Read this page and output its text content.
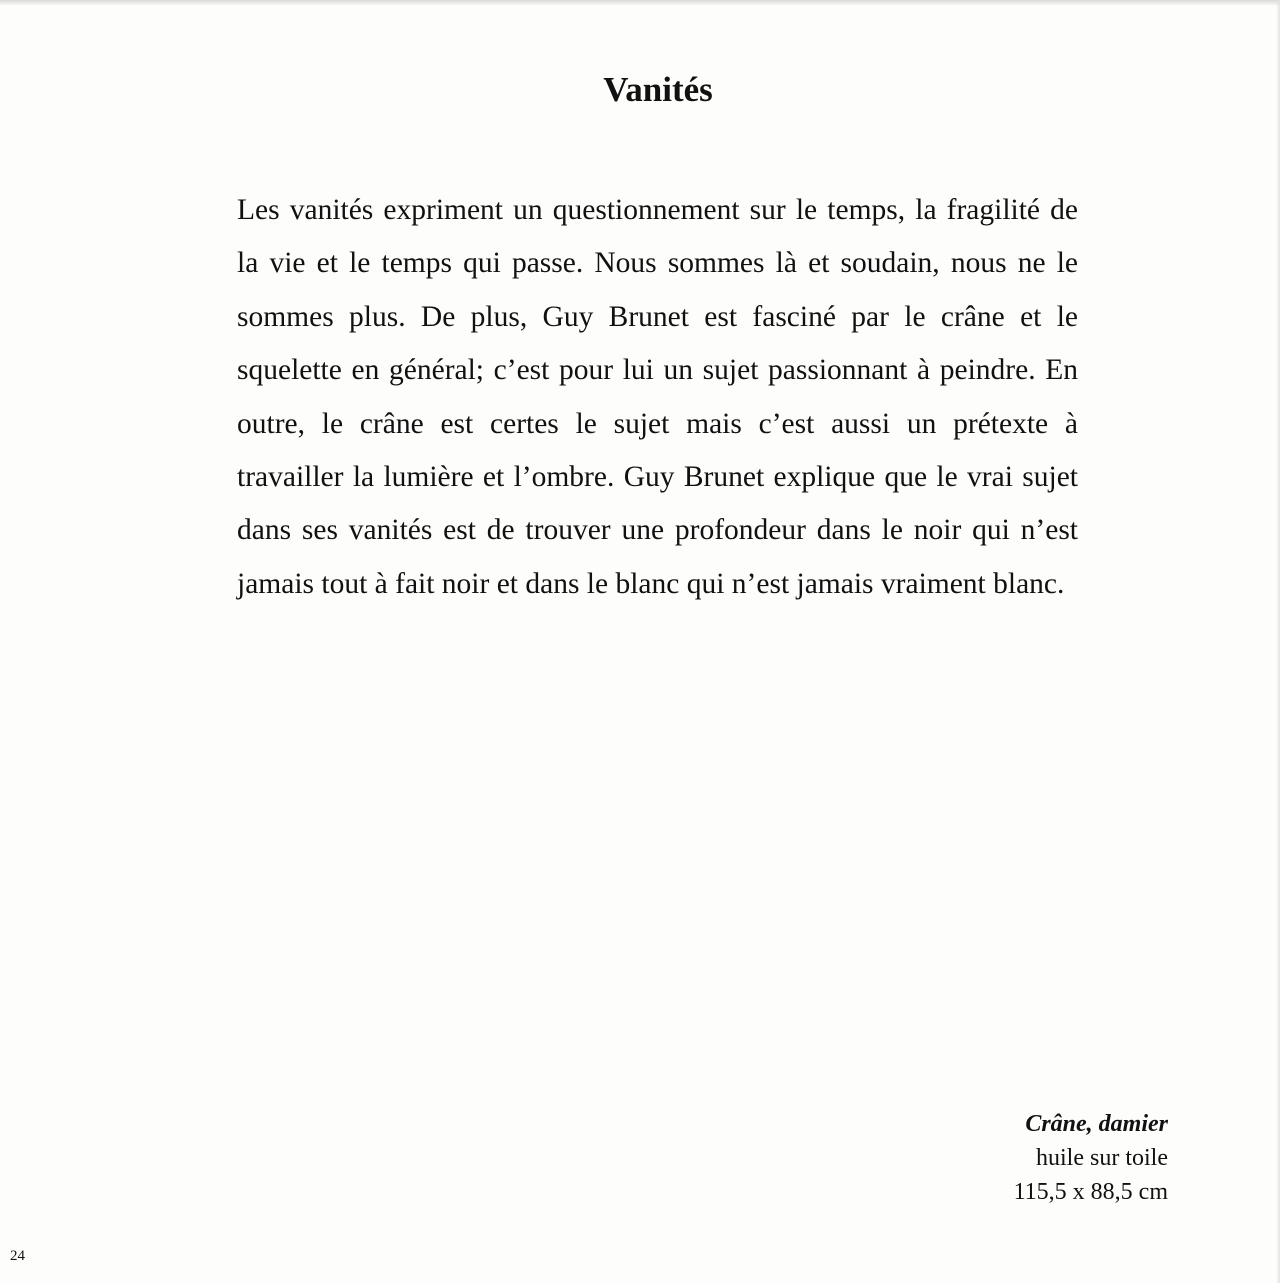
Vanités

Les vanités expriment un questionnement sur le temps, la fragilité de la vie et le temps qui passe. Nous sommes là et soudain, nous ne le sommes plus. De plus, Guy Brunet est fasciné par le crâne et le squelette en général; c’est pour lui un sujet passionnant à peindre. En outre, le crâne est certes le sujet mais c’est aussi un prétexte à travailler la lumière et l’ombre. Guy Brunet explique que le vrai sujet dans ses vanités est de trouver une profondeur dans le noir qui n’est jamais tout à fait noir et dans le blanc qui n’est jamais vraiment blanc.

Crâne, damier
huile sur toile
115,5 x 88,5 cm
24
